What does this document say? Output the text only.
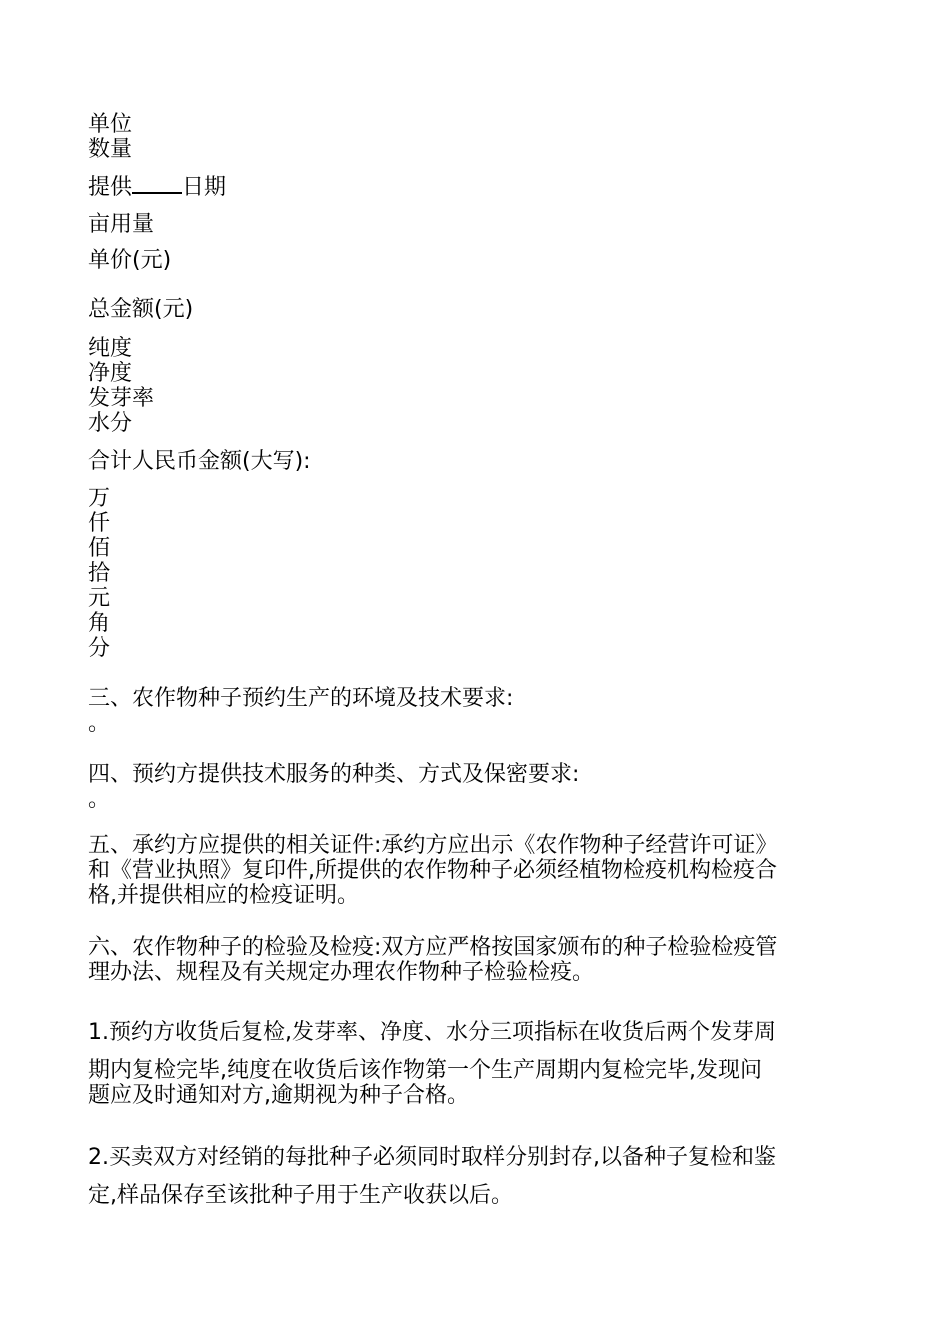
单位
数量
提供 日期
亩用量
单价(元)
总金额(元)
纯度
净度
发芽率
水分
合计人民币金额(大写):
万
仟
佰
拾
元
角
分
三、农作物种子预约生产的环境及技术要求:
。
四、预约方提供技术服务的种类、方式及保密要求:
。
五、承约方应提供的相关证件:承约方应出示《农作物种子经营许可证》
和《营业执照》复印件,所提供的农作物种子必须经植物检疫机构检疫合
格,并提供相应的检疫证明。
六、农作物种子的检验及检疫:双方应严格按国家颁布的种子检验检疫管
理办法、规程及有关规定办理农作物种子检验检疫。
1.预约方收货后复检,发芽率、净度、水分三项指标在收货后两个发芽周
期内复检完毕,纯度在收货后该作物第一个生产周期内复检完毕,发现问
题应及时通知对方,逾期视为种子合格。
2.买卖双方对经销的每批种子必须同时取样分别封存,以备种子复检和鉴
定,样品保存至该批种子用于生产收获以后。
